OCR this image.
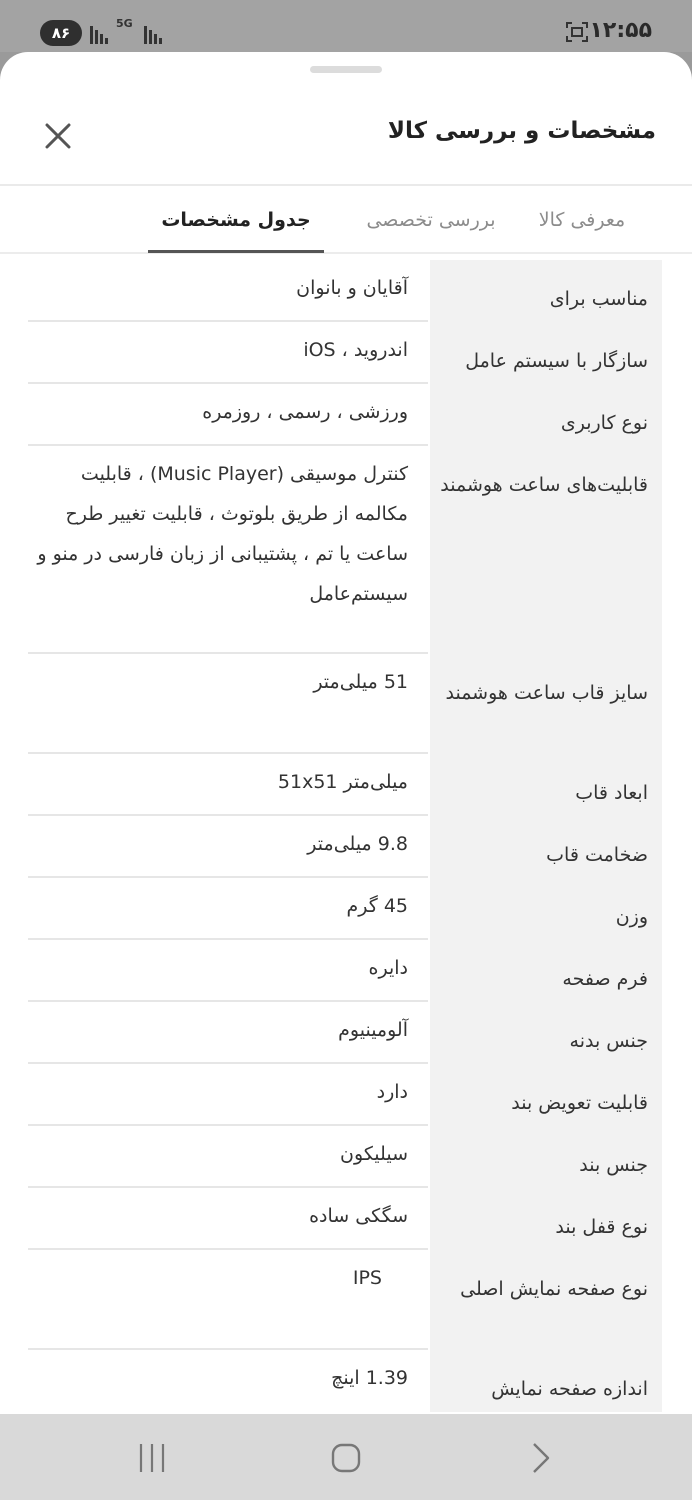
۸۶
5G	۱۲:۵۵
مشخصات و بررسی کالا
معرفی کالا
بررسی تخصصی
جدول مشخصات
مناسب برای
آقایان و بانوان
سازگار با سیستم عامل
اندروید ، iOS
نوع کاربری
ورزشی ، رسمی ، روزمره
قابلیت‌های ساعت هوشمند
کنترل موسیقی (Music Player) ، قابلیت مکالمه از طریق بلوتوث ، قابلیت تغییر طرح ساعت یا تم ، پشتیبانی از زبان فارسی در منو و سیستم‌عامل
سایز قاب ساعت هوشمند
51 میلی‌متر
ابعاد قاب
میلی‌متر 51x51
ضخامت قاب
9.8 میلی‌متر
وزن
45 گرم
فرم صفحه
دایره
جنس بدنه
آلومینیوم
قابلیت تعویض بند
دارد
جنس بند
سیلیکون
نوع قفل بند
سگکی ساده
نوع صفحه نمایش اصلی
IPS
اندازه صفحه نمایش
1.39 اینچ
